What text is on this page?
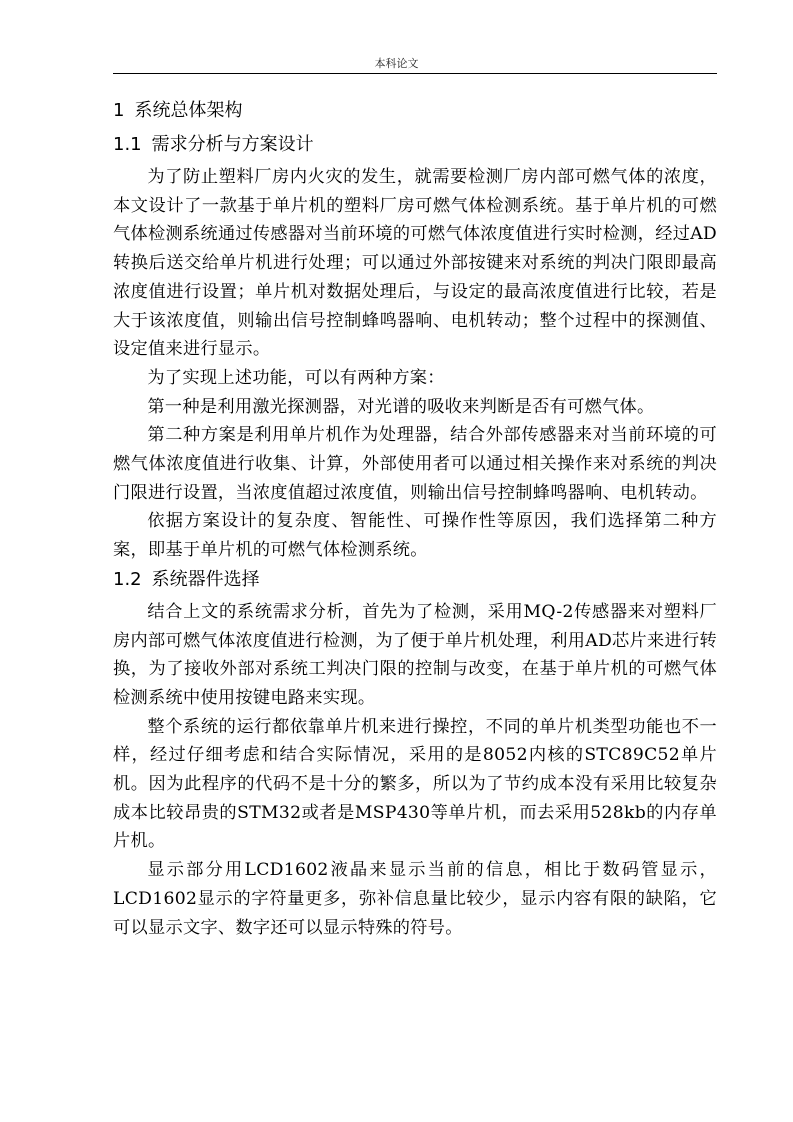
本科论文
1 系统总体架构
1.1 需求分析与方案设计

为了防止塑料厂房内火灾的发生，就需要检测厂房内部可燃气体的浓度，本文设计了一款基于单片机的塑料厂房可燃气体检测系统。基于单片机的可燃气体检测系统通过传感器对当前环境的可燃气体浓度值进行实时检测，经过AD转换后送交给单片机进行处理；可以通过外部按键来对系统的判决门限即最高浓度值进行设置；单片机对数据处理后，与设定的最高浓度值进行比较，若是大于该浓度值，则输出信号控制蜂鸣器响、电机转动；整个过程中的探测值、设定值来进行显示。

为了实现上述功能，可以有两种方案：

第一种是利用激光探测器，对光谱的吸收来判断是否有可燃气体。

第二种方案是利用单片机作为处理器，结合外部传感器来对当前环境的可燃气体浓度值进行收集、计算，外部使用者可以通过相关操作来对系统的判决门限进行设置，当浓度值超过浓度值，则输出信号控制蜂鸣器响、电机转动。

依据方案设计的复杂度、智能性、可操作性等原因，我们选择第二种方案，即基于单片机的可燃气体检测系统。

1.2 系统器件选择

结合上文的系统需求分析，首先为了检测，采用MQ-2传感器来对塑料厂房内部可燃气体浓度值进行检测，为了便于单片机处理，利用AD芯片来进行转换，为了接收外部对系统工判决门限的控制与改变，在基于单片机的可燃气体检测系统中使用按键电路来实现。

整个系统的运行都依靠单片机来进行操控，不同的单片机类型功能也不一样，经过仔细考虑和结合实际情况，采用的是8052内核的STC89C52单片机。因为此程序的代码不是十分的繁多，所以为了节约成本没有采用比较复杂成本比较昂贵的STM32或者是MSP430等单片机，而去采用528kb的内存单片机。

显示部分用LCD1602液晶来显示当前的信息，相比于数码管显示，LCD1602显示的字符量更多，弥补信息量比较少，显示内容有限的缺陷，它可以显示文字、数字还可以显示特殊的符号。
